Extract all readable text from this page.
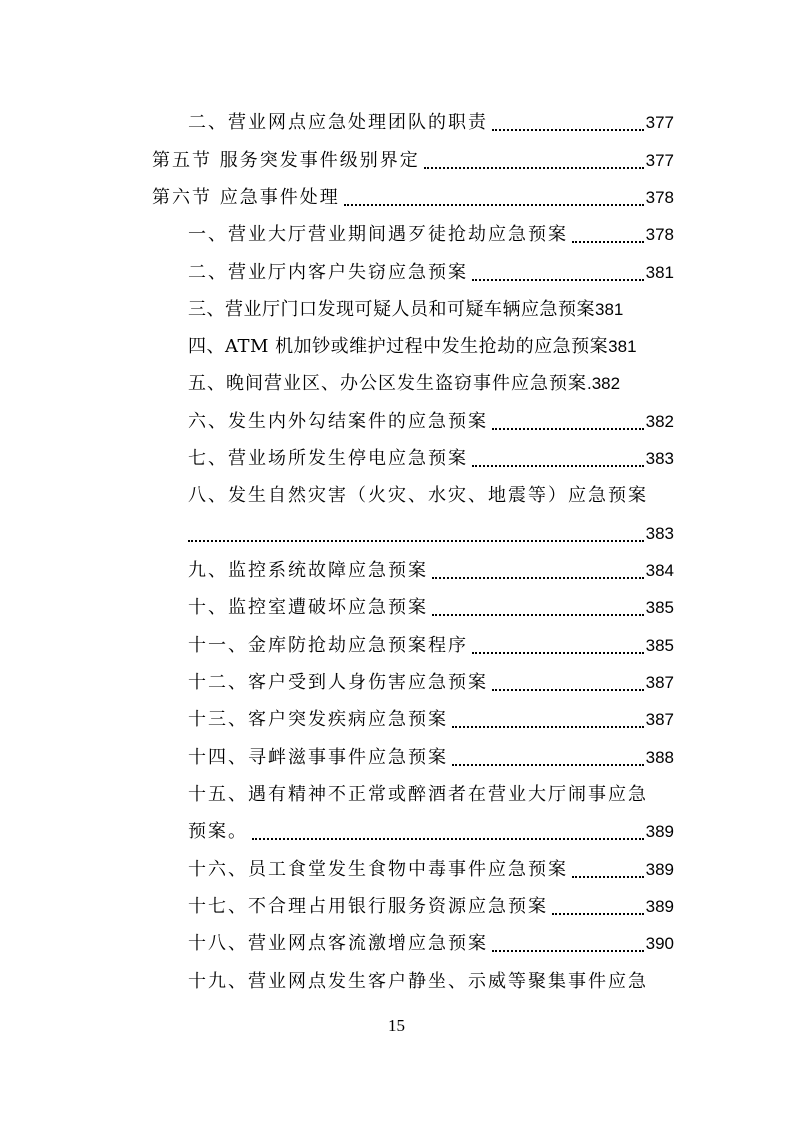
二、营业网点应急处理团队的职责	377
第五节 服务突发事件级别界定	377
第六节 应急事件处理	378
一、营业大厅营业期间遇歹徒抢劫应急预案	378
二、营业厅内客户失窃应急预案	381
三、营业厅门口发现可疑人员和可疑车辆应急预案 381
四、ATM 机加钞或维护过程中发生抢劫的应急预案 381
五、晚间营业区、办公区发生盗窃事件应急预案 .382
六、发生内外勾结案件的应急预案	382
七、营业场所发生停电应急预案	383
八、发生自然灾害（火灾、水灾、地震等）应急预案
383
九、监控系统故障应急预案	384
十、监控室遭破坏应急预案	385
十一、金库防抢劫应急预案程序	385
十二、客户受到人身伤害应急预案	387
十三、客户突发疾病应急预案	387
十四、寻衅滋事事件应急预案	388
十五、遇有精神不正常或醉酒者在营业大厅闹事应急
预案。	389
十六、员工食堂发生食物中毒事件应急预案	389
十七、不合理占用银行服务资源应急预案	389
十八、营业网点客流激增应急预案	390
十九、营业网点发生客户静坐、示威等聚集事件应急
15
